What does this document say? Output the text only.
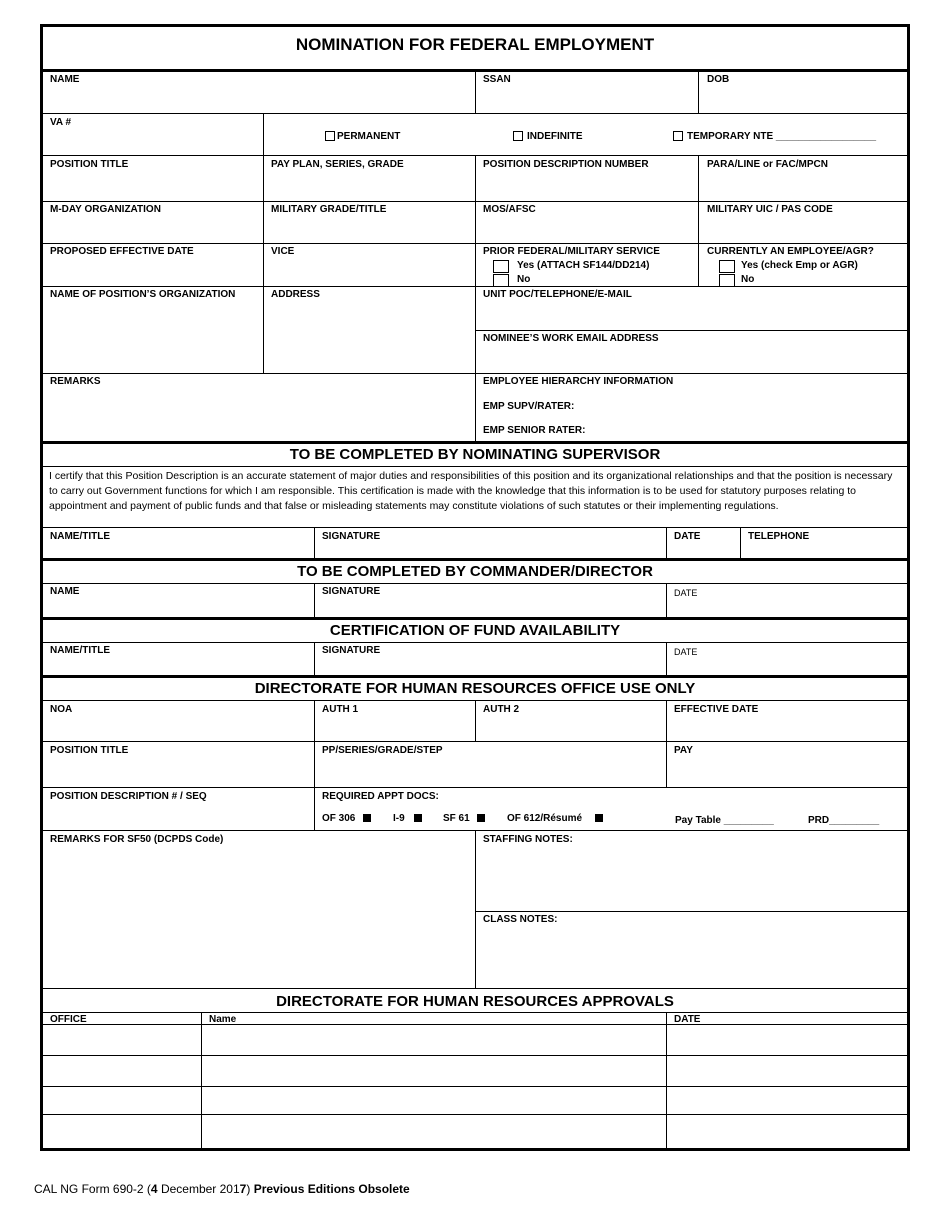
NOMINATION FOR FEDERAL EMPLOYMENT
NAME	SSAN	DOB
VA #
PERMANENT	INDEFINITE	TEMPORARY NTE __________________
POSITION TITLE	PAY PLAN, SERIES, GRADE	POSITION DESCRIPTION NUMBER	PARA/LINE or FAC/MPCN
M-DAY ORGANIZATION	MILITARY GRADE/TITLE	MOS/AFSC	MILITARY UIC / PAS CODE
PROPOSED EFFECTIVE DATE	VICE	PRIOR FEDERAL/MILITARY SERVICE
Yes (ATTACH SF144/DD214)
No
CURRENTLY AN EMPLOYEE/AGR?
Yes (check Emp or AGR)
No
NAME OF POSITION’S ORGANIZATION	ADDRESS	UNIT POC/TELEPHONE/E-MAIL
NOMINEE’S WORK EMAIL ADDRESS
REMARKS	EMPLOYEE HIERARCHY INFORMATION
EMP SUPV/RATER:
EMP SENIOR RATER:
TO BE COMPLETED BY NOMINATING SUPERVISOR
I certify that this Position Description is an accurate statement of major duties and responsibilities of this position and its organizational relationships and that the position is necessary to carry out Government functions for which I am responsible. This certification is made with the knowledge that this information is to be used for statutory purposes relating to appointment and payment of public funds and that false or misleading statements may constitute violations of such statutes or their implementing regulations.
NAME/TITLE	SIGNATURE	DATE	TELEPHONE
TO BE COMPLETED BY COMMANDER/DIRECTOR
NAME	SIGNATURE	DATE
CERTIFICATION OF FUND AVAILABILITY
NAME/TITLE	SIGNATURE	DATE
DIRECTORATE FOR HUMAN RESOURCES OFFICE USE ONLY
NOA	AUTH 1	AUTH 2	EFFECTIVE DATE
POSITION TITLE	PP/SERIES/GRADE/STEP	PAY
POSITION DESCRIPTION # / SEQ	REQUIRED APPT DOCS:
OF 306	I-9	SF 61	OF 612/Résumé	Pay Table _________	PRD_________
REMARKS FOR SF50 (DCPDS Code)	STAFFING NOTES:
CLASS NOTES:
DIRECTORATE FOR HUMAN RESOURCES APPROVALS
OFFICE	Name	DATE
CAL NG Form 690-2 (4 December 2017) Previous Editions Obsolete
